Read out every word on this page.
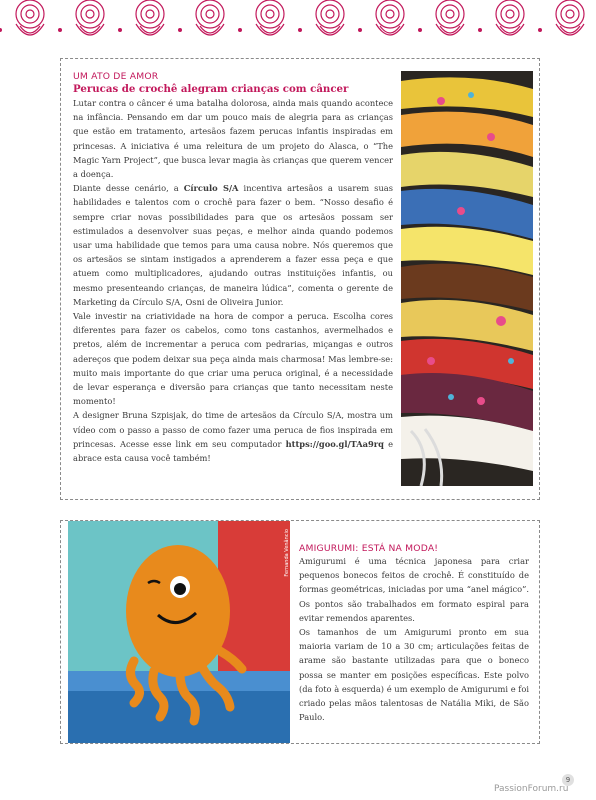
UM ATO DE AMOR
Perucas de crochê alegram crianças com câncer

Lutar contra o câncer é uma batalha dolorosa, ainda mais quando acontece na infância. Pensando em dar um pouco mais de alegria para as crianças que estão em tratamento, artesãos fazem perucas infantis inspiradas em princesas. A iniciativa é uma releitura de um projeto do Alasca, o “The Magic Yarn Project”, que busca levar magia às crianças que querem vencer a doença.

Diante desse cenário, a Círculo S/A incentiva artesãos a usarem suas habilidades e talentos com o crochê para fazer o bem. “Nosso desafio é sempre criar novas possibilidades para que os artesãos possam ser estimulados a desenvolver suas peças, e melhor ainda quando podemos usar uma habilidade que temos para uma causa nobre. Nós queremos que os artesãos se sintam instigados a aprenderem a fazer essa peça e que atuem como multiplicadores, ajudando outras instituições infantis, ou mesmo presenteando crianças, de maneira lúdica”, comenta o gerente de Marketing da Círculo S/A, Osni de Oliveira Junior.

Vale investir na criatividade na hora de compor a peruca. Escolha cores diferentes para fazer os cabelos, como tons castanhos, avermelhados e pretos, além de incrementar a peruca com pedrarias, miçangas e outros adereços que podem deixar sua peça ainda mais charmosa! Mas lembre-se: muito mais importante do que criar uma peruca original, é a necessidade de levar esperança e diversão para crianças que tanto necessitam neste momento!

A designer Bruna Szpisjak, do time de artesãos da Círculo S/A, mostra um vídeo com o passo a passo de como fazer uma peruca de fios inspirada em princesas. Acesse esse link em seu computador https://goo.gl/TAa9rq e abrace esta causa você também!

Fernanda Venâncio AMIGURUMI: ESTÁ NA MODA!

Amigurumi é uma técnica japonesa para criar pequenos bonecos feitos de crochê. É constituído de formas geométricas, iniciadas por uma “anel mágico”. Os pontos são trabalhados em formato espiral para evitar remendos aparentes.

Os tamanhos de um Amigurumi pronto em sua maioria variam de 10 a 30 cm; articulações feitas de arame são bastante utilizadas para que o boneco possa se manter em posições específicas. Este polvo (da foto à esquerda) é um exemplo de Amigurumi e foi criado pelas mãos talentosas de Natália Miki, de São Paulo.

9
PassionForum.ru
